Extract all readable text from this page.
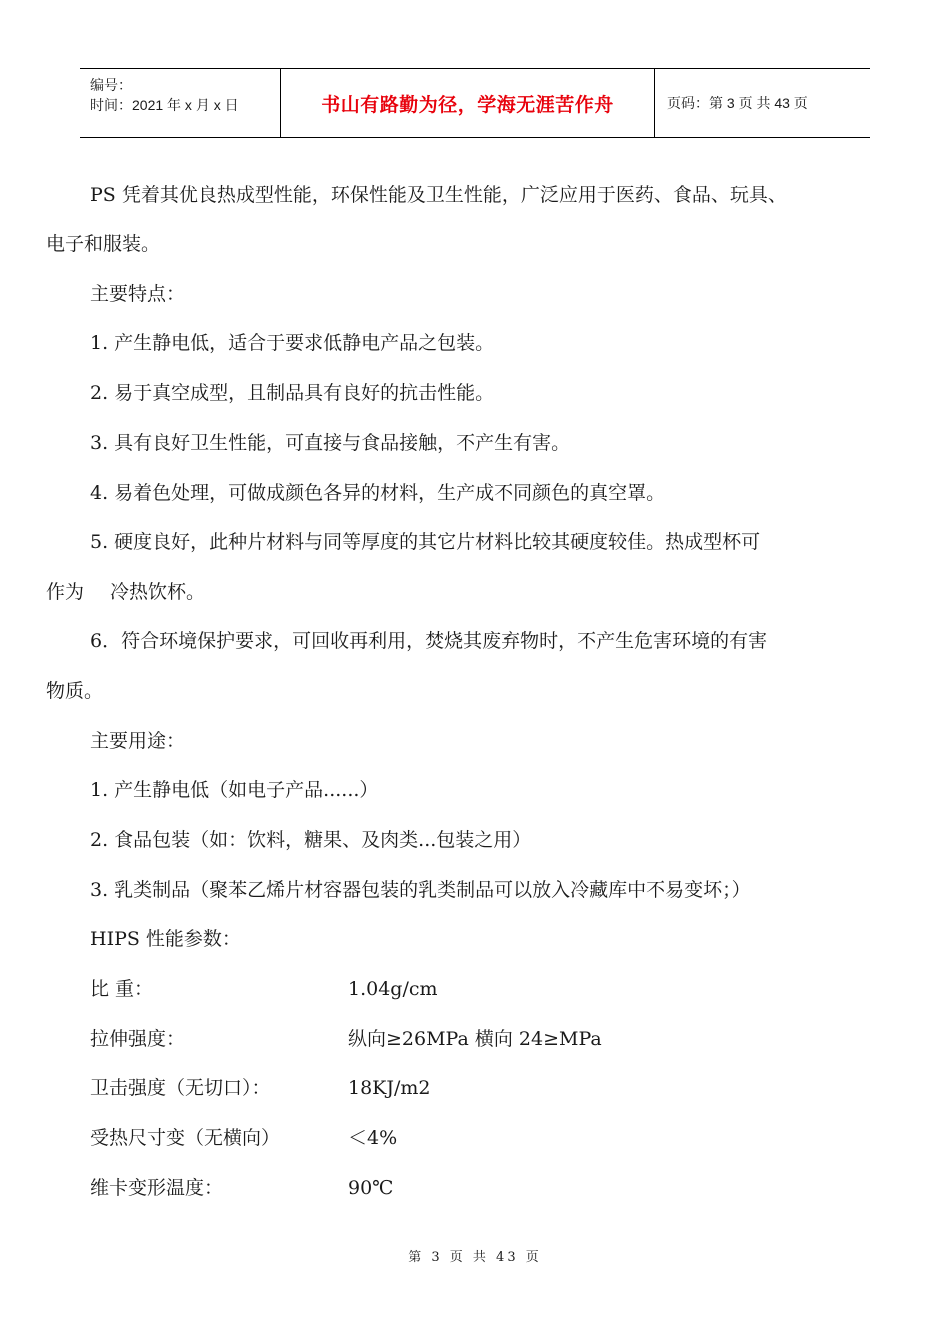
编号：
时间：2021 年 x 月 x 日	书山有路勤为径，学海无涯苦作舟	页码：第 3 页 共 43 页
PS 凭着其优良热成型性能，环保性能及卫生性能，广泛应用于医药、食品、玩具、
电子和服装。
主要特点：
1. 产生静电低，适合于要求低静电产品之包装。
2. 易于真空成型，且制品具有良好的抗击性能。
3. 具有良好卫生性能，可直接与食品接触，不产生有害。
4. 易着色处理，可做成颜色各异的材料，生产成不同颜色的真空罩。
5. 硬度良好，此种片材料与同等厚度的其它片材料比较其硬度较佳。热成型杯可
作为 冷热饮杯。
6．符合环境保护要求，可回收再利用，焚烧其废弃物时，不产生危害环境的有害
物质。
主要用途：
1. 产生静电低（如电子产品......）
2. 食品包装（如：饮料，糖果、及肉类...包装之用）
3. 乳类制品（聚苯乙烯片材容器包装的乳类制品可以放入冷藏库中不易变坏；）
HIPS 性能参数：
比 重：	1.04g/cm
拉伸强度：	纵向≥26MPa 横向 24≥MPa
卫击强度（无切口）：	18KJ/m2
受热尺寸变（无横向）	＜4%
维卡变形温度：	90℃
第 3 页 共 43 页
